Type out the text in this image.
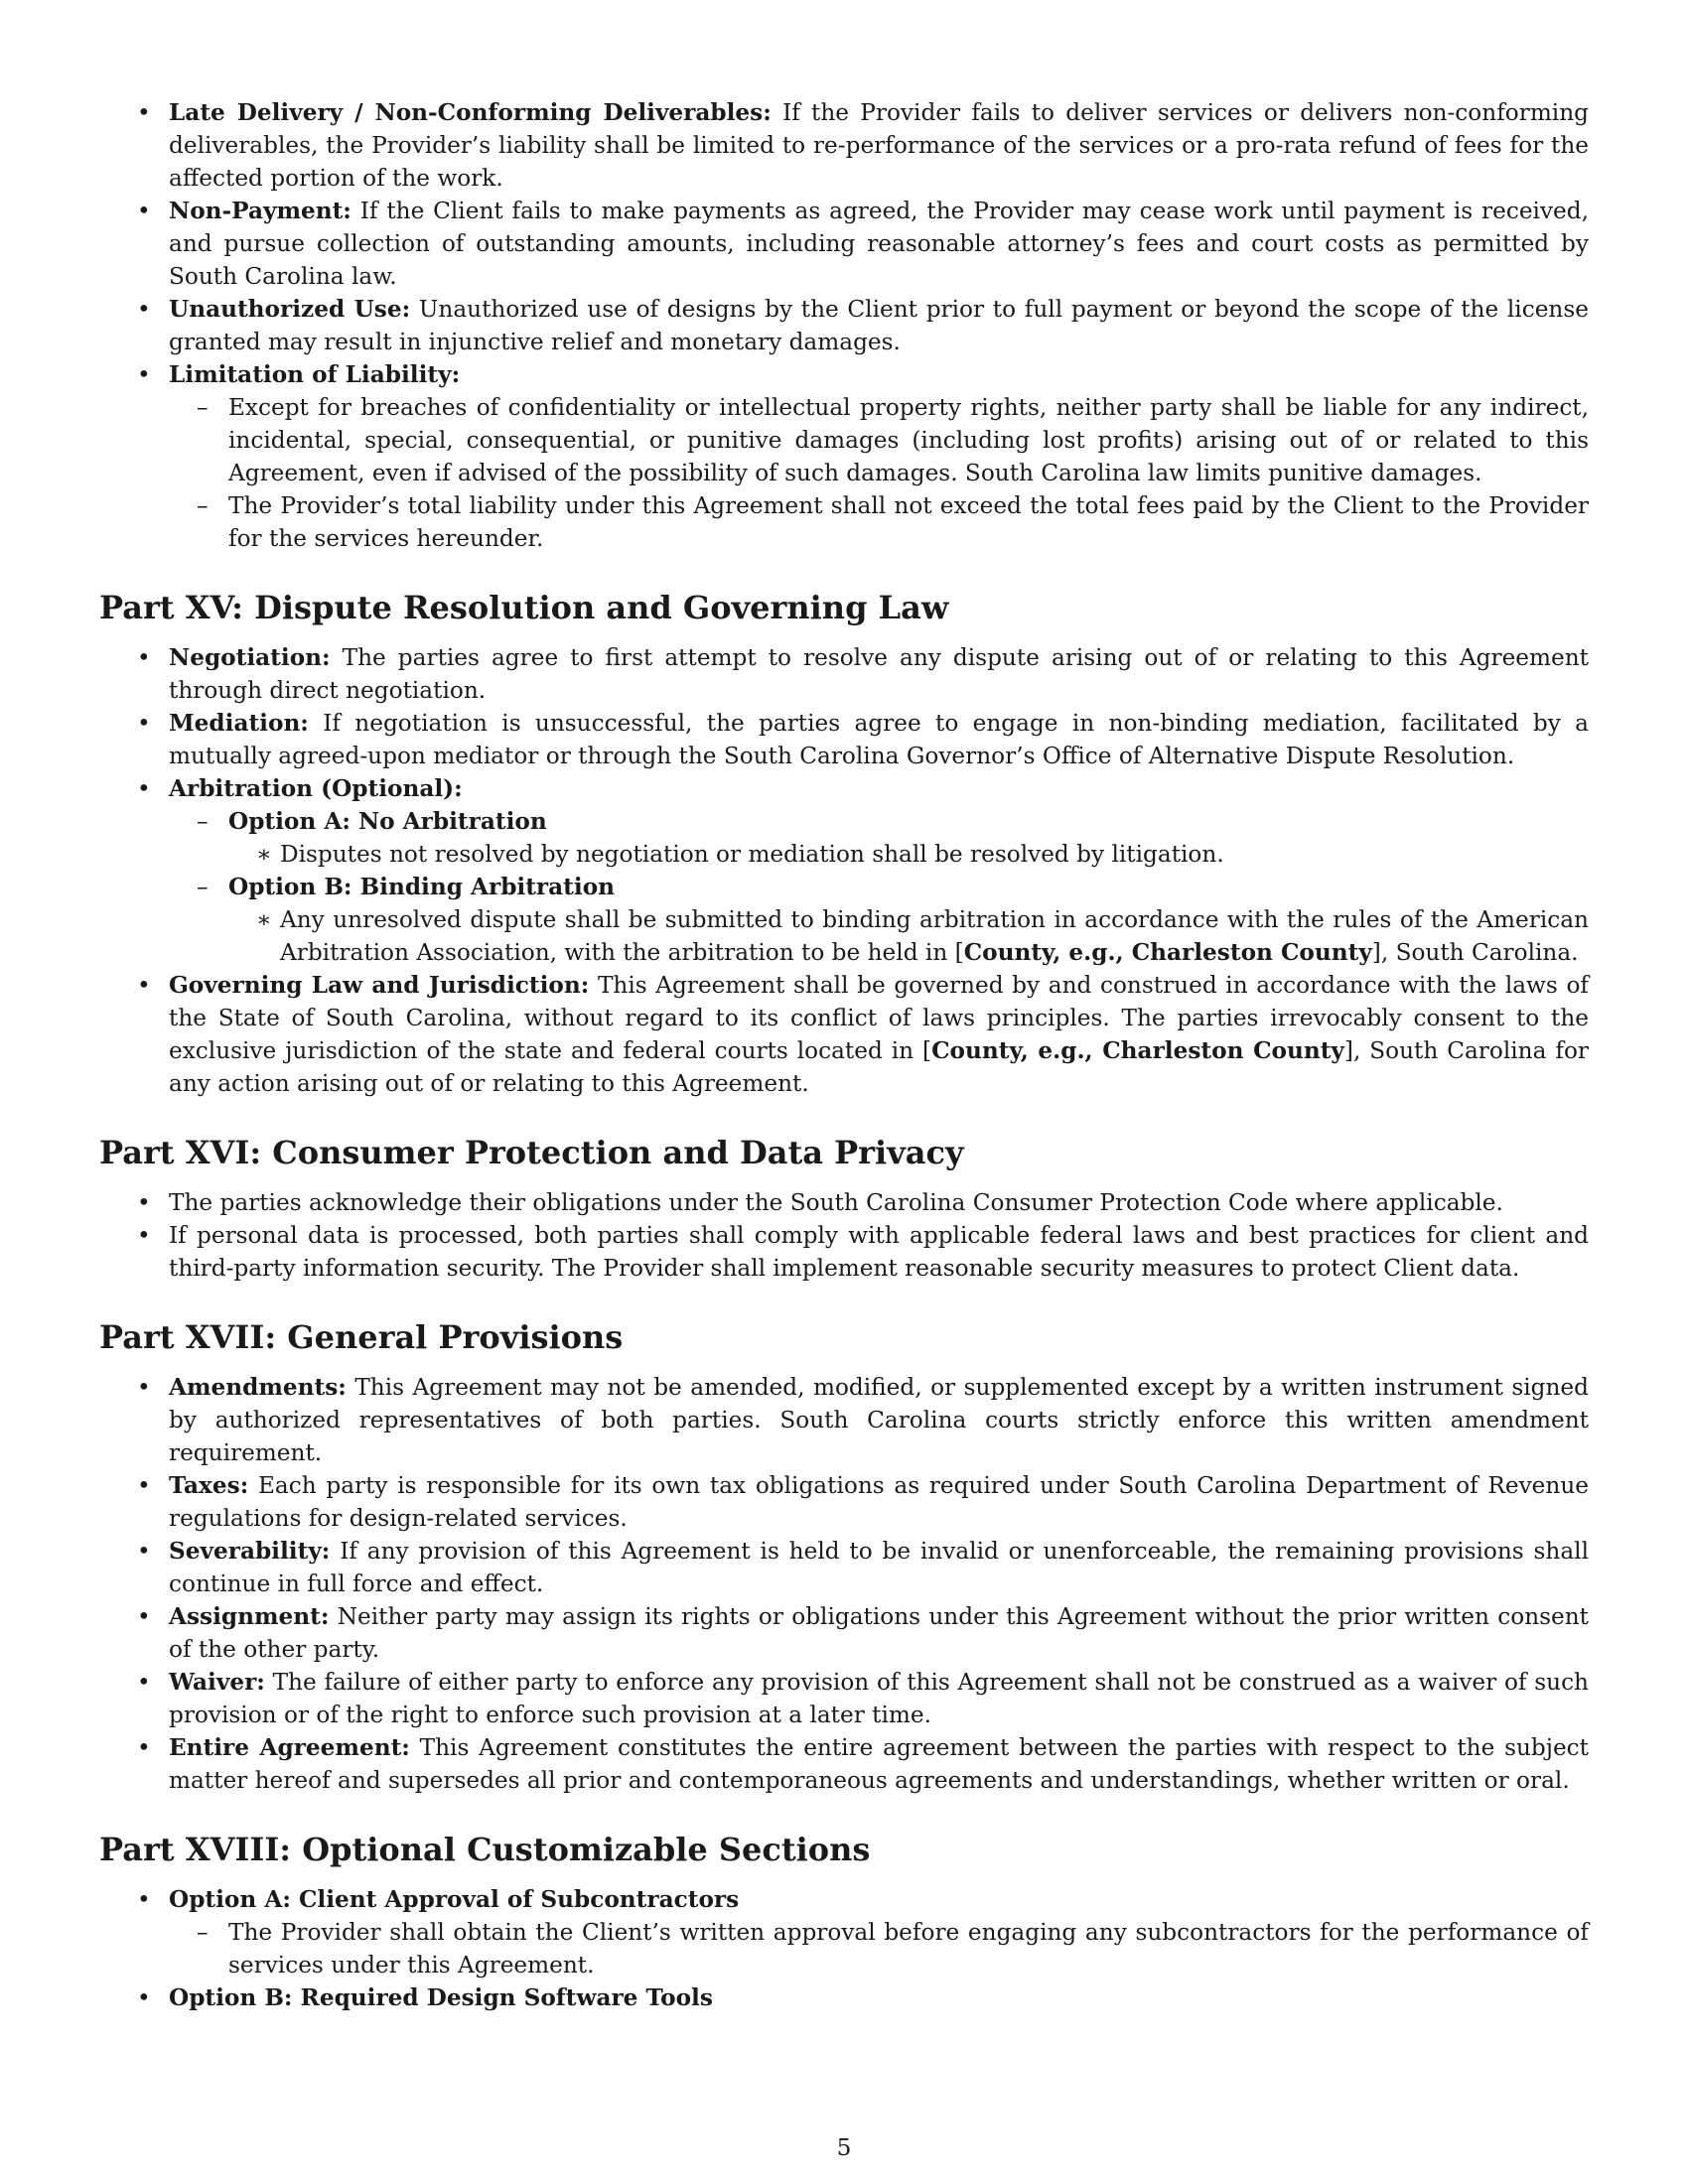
• Late Delivery / Non-Conforming Deliverables: If the Provider fails to deliver services or delivers non-conforming deliverables, the Provider’s liability shall be limited to re-performance of the services or a pro-rata refund of fees for the affected portion of the work.
• Non-Payment: If the Client fails to make payments as agreed, the Provider may cease work until payment is received, and pursue collection of outstanding amounts, including reasonable attorney’s fees and court costs as permitted by South Carolina law.
• Unauthorized Use: Unauthorized use of designs by the Client prior to full payment or beyond the scope of the license granted may result in injunctive relief and monetary damages.
• Limitation of Liability:
– Except for breaches of confidentiality or intellectual property rights, neither party shall be liable for any indirect, incidental, special, consequential, or punitive damages (including lost profits) arising out of or related to this Agreement, even if advised of the possibility of such damages. South Carolina law limits punitive damages.
– The Provider’s total liability under this Agreement shall not exceed the total fees paid by the Client to the Provider for the services hereunder.
Part XV: Dispute Resolution and Governing Law
• Negotiation: The parties agree to first attempt to resolve any dispute arising out of or relating to this Agreement through direct negotiation.
• Mediation: If negotiation is unsuccessful, the parties agree to engage in non-binding mediation, facilitated by a mutually agreed-upon mediator or through the South Carolina Governor’s Office of Alternative Dispute Resolution.
• Arbitration (Optional):
– Option A: No Arbitration
∗ Disputes not resolved by negotiation or mediation shall be resolved by litigation.
– Option B: Binding Arbitration
∗ Any unresolved dispute shall be submitted to binding arbitration in accordance with the rules of the American Arbitration Association, with the arbitration to be held in [County, e.g., Charleston County], South Carolina.
• Governing Law and Jurisdiction: This Agreement shall be governed by and construed in accordance with the laws of the State of South Carolina, without regard to its conflict of laws principles. The parties irrevocably consent to the exclusive jurisdiction of the state and federal courts located in [County, e.g., Charleston County], South Carolina for any action arising out of or relating to this Agreement.
Part XVI: Consumer Protection and Data Privacy
• The parties acknowledge their obligations under the South Carolina Consumer Protection Code where applicable.
• If personal data is processed, both parties shall comply with applicable federal laws and best practices for client and third-party information security. The Provider shall implement reasonable security measures to protect Client data.
Part XVII: General Provisions
• Amendments: This Agreement may not be amended, modified, or supplemented except by a written instrument signed by authorized representatives of both parties. South Carolina courts strictly enforce this written amendment requirement.
• Taxes: Each party is responsible for its own tax obligations as required under South Carolina Department of Revenue regulations for design-related services.
• Severability: If any provision of this Agreement is held to be invalid or unenforceable, the remaining provisions shall continue in full force and effect.
• Assignment: Neither party may assign its rights or obligations under this Agreement without the prior written consent of the other party.
• Waiver: The failure of either party to enforce any provision of this Agreement shall not be construed as a waiver of such provision or of the right to enforce such provision at a later time.
• Entire Agreement: This Agreement constitutes the entire agreement between the parties with respect to the subject matter hereof and supersedes all prior and contemporaneous agreements and understandings, whether written or oral.
Part XVIII: Optional Customizable Sections
• Option A: Client Approval of Subcontractors
– The Provider shall obtain the Client’s written approval before engaging any subcontractors for the performance of services under this Agreement.
• Option B: Required Design Software Tools
5
